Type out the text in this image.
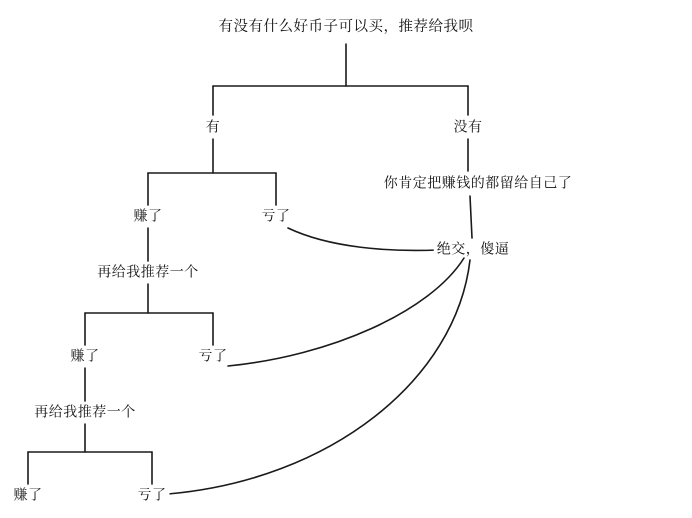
有没有什么好币子可以买，推荐给我呗
有	没有
你肯定把赚钱的都留给自己了
绝交，傻逼
赚了	亏了
再给我推荐一个
赚了	亏了
再给我推荐一个
赚了	亏了
